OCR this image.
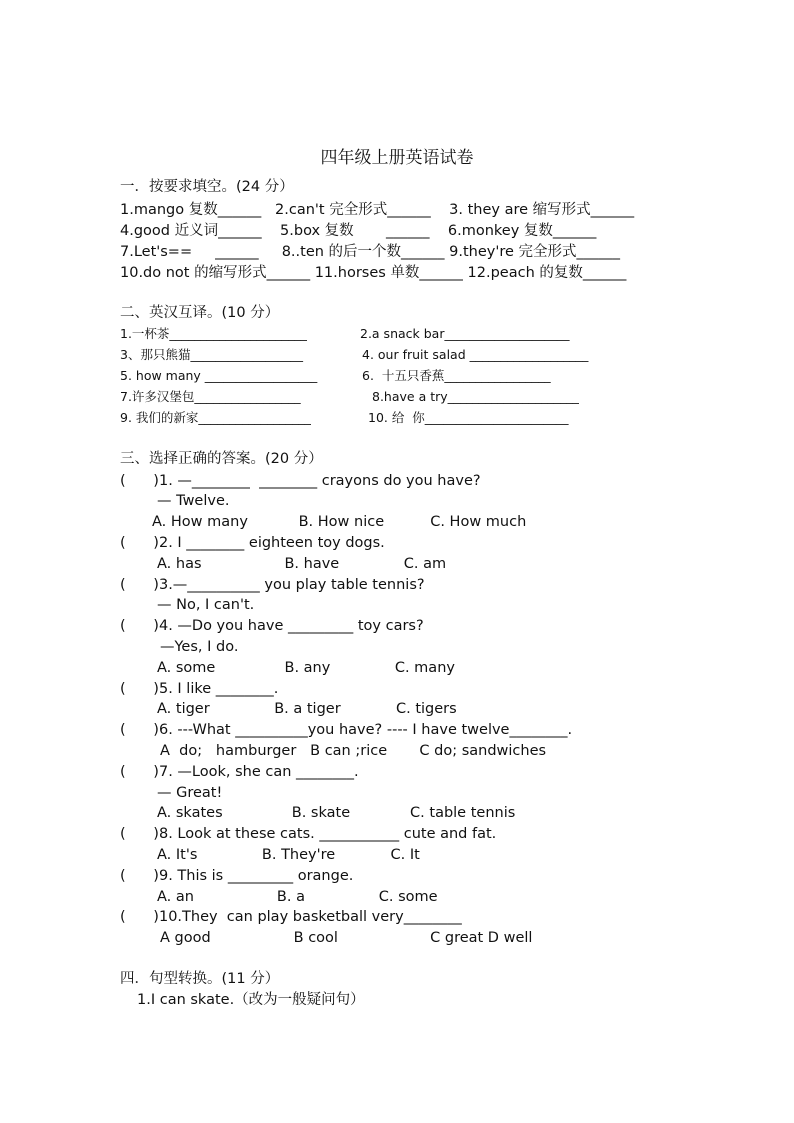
四年级上册英语试卷
一．按要求填空。(24 分）
1.mango 复数______   2.can't 完全形式______    3. they are 缩写形式______
4.good 近义词______    5.box 复数       ______    6.monkey 复数______
7.Let's==     ______     8..ten 的后一个数______ 9.they're 完全形式______
10.do not 的缩写形式______ 11.horses 单数______ 12.peach 的复数______
二、英汉互译。(10 分）
1.一杯茶______________________	2.a snack bar____________________
3、那只熊猫__________________	4. our fruit salad ___________________
5. how many __________________	6.  十五只香蕉_________________
7.许多汉堡包_________________	8.have a try_____________________
9. 我们的新家__________________	10. 给  你_______________________
三、选择正确的答案。(20 分）
(      )1. —________  ________ crayons do you have?
— Twelve.
A. How many           B. How nice          C. How much
(      )2. I ________ eighteen toy dogs.
A. has                  B. have              C. am
(      )3.—__________ you play table tennis?
— No, I can't.
(      )4. —Do you have _________ toy cars?
—Yes, I do.
A. some               B. any              C. many
(      )5. I like ________.
A. tiger              B. a tiger            C. tigers
(      )6. ---What __________you have? ---- I have twelve________.
A  do;   hamburger   B can ;rice       C do; sandwiches
(      )7. —Look, she can ________.
— Great!
A. skates               B. skate             C. table tennis
(      )8. Look at these cats. ___________ cute and fat.
A. It's              B. They're            C. It
(      )9. This is _________ orange.
A. an                  B. a                C. some
(      )10.They  can play basketball very________
A good                  B cool                    C great D well
四．句型转换。(11 分）
1.I can skate.（改为一般疑问句）
